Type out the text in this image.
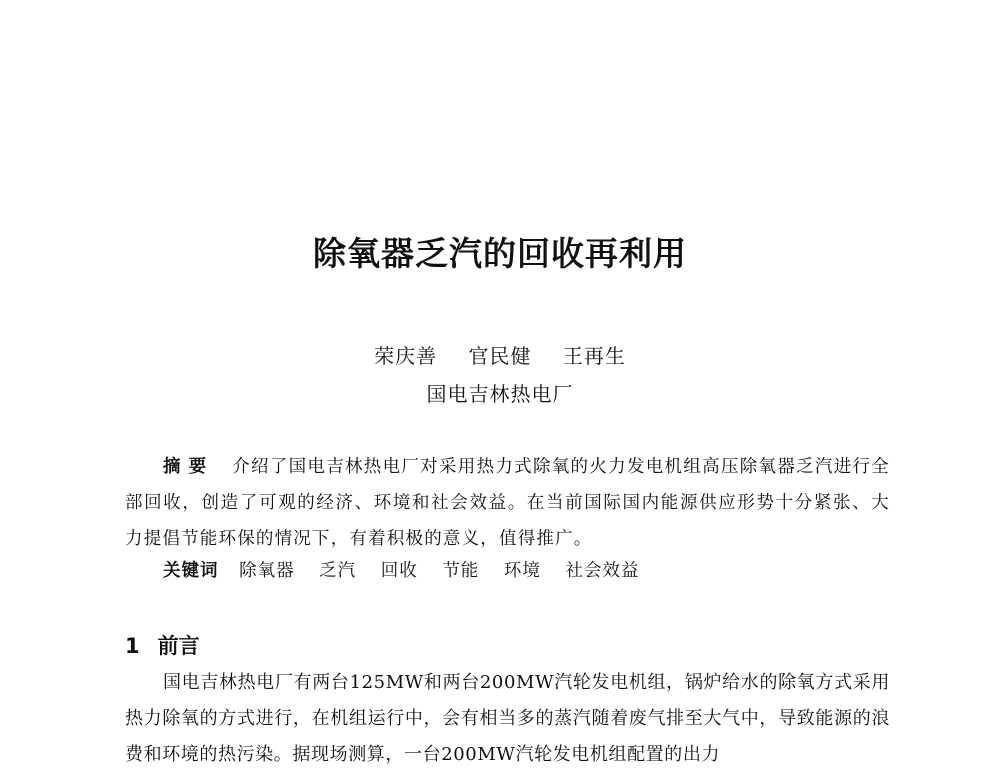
除氧器乏汽的回收再利用

荣庆善 官民健 王再生

国电吉林热电厂

摘要 介绍了国电吉林热电厂对采用热力式除氧的火力发电机组高压除氧器乏汽进行全部回收，创造了可观的经济、环境和社会效益。在当前国际国内能源供应形势十分紧张、大力提倡节能环保的情况下，有着积极的意义，值得推广。

关键词 除氧器 乏汽 回收 节能 环境 社会效益

1 前言

国电吉林热电厂有两台125MW和两台200MW汽轮发电机组，锅炉给水的除氧方式采用热力除氧的方式进行，在机组运行中，会有相当多的蒸汽随着废气排至大气中，导致能源的浪费和环境的热污染。据现场测算，一台200MW汽轮发电机组配置的出力
